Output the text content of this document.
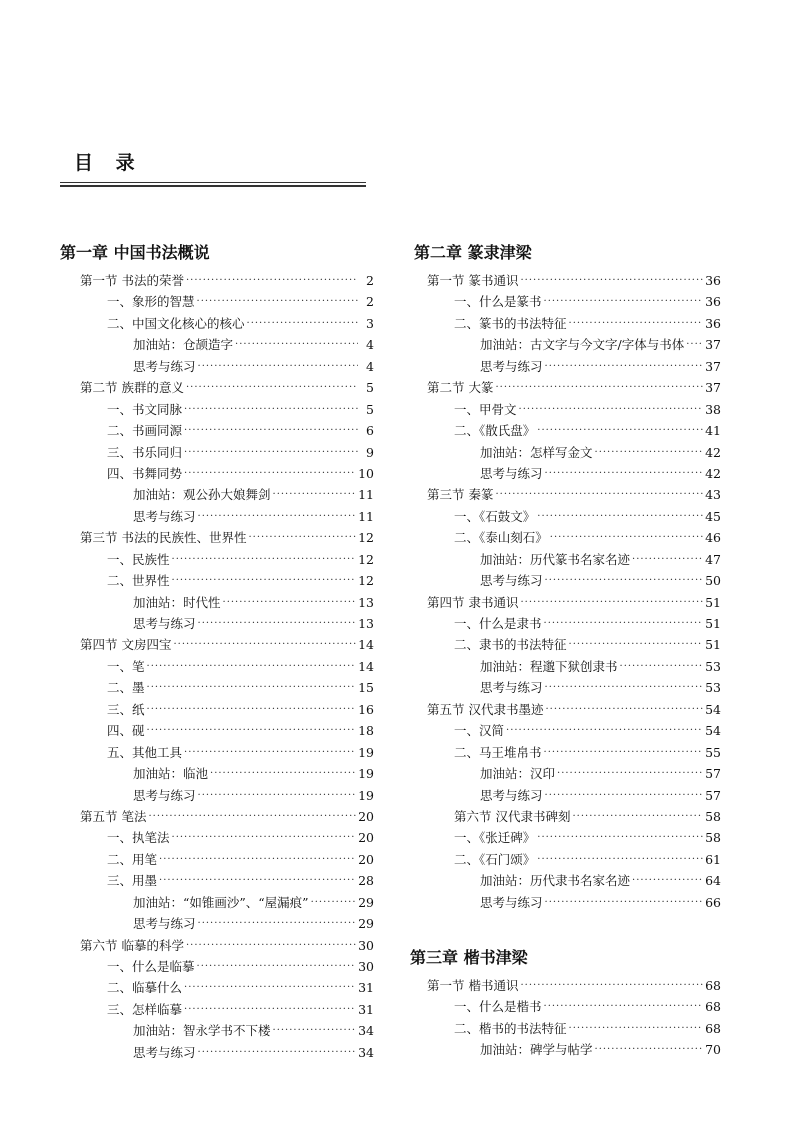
目 录
第一章 中国书法概说
第一节 书法的荣誉 ·····	2
一、象形的智慧 ·····	2
二、中国文化核心的核心 ·····	3
加油站：仓颉造字 ·····	4
思考与练习 ·····	4
第二节 族群的意义 ·····	5
一、书文同脉 ·····	5
二、书画同源 ·····	6
三、书乐同归 ·····	9
四、书舞同势 ·····	10
加油站：观公孙大娘舞剑 ·····	11
思考与练习 ·····	11
第三节 书法的民族性、世界性 ·····	12
一、民族性 ·····	12
二、世界性 ·····	12
加油站：时代性 ·····	13
思考与练习 ·····	13
第四节 文房四宝 ·····	14
一、笔 ·····	14
二、墨 ·····	15
三、纸 ·····	16
四、砚 ·····	18
五、其他工具 ·····	19
加油站：临池 ·····	19
思考与练习 ·····	19
第五节 笔法 ·····	20
一、执笔法 ·····	20
二、用笔 ·····	20
三、用墨 ·····	28
加油站：“如锥画沙”、“屋漏痕” ·····	29
思考与练习 ·····	29
第六节 临摹的科学 ·····	30
一、什么是临摹 ·····	30
二、临摹什么 ·····	31
三、怎样临摹 ·····	31
加油站：智永学书不下楼 ·····	34
思考与练习 ·····	34
第二章 篆隶津梁
第一节 篆书通识 ·····	36
一、什么是篆书 ·····	36
二、篆书的书法特征 ·····	36
加油站：古文字与今文字/字体与书体 ····· 37
思考与练习 ·····	37
第二节 大篆 ·····	37
一、甲骨文 ·····	38
二、《散氏盘》 ·····	41
加油站：怎样写金文 ·····	42
思考与练习 ·····	42
第三节 秦篆 ·····	43
一、《石鼓文》 ·····	45
二、《泰山刻石》 ·····	46
加油站：历代篆书名家名迹 ·····	47
思考与练习 ·····	50
第四节 隶书通识 ·····	51
一、什么是隶书 ·····	51
二、隶书的书法特征 ·····	51
加油站：程邈下狱创隶书 ·····	53
思考与练习 ·····	53
第五节 汉代隶书墨迹 ·····	54
一、汉简 ·····	54
二、马王堆帛书 ·····	55
加油站：汉印 ·····	57
思考与练习 ·····	57
第六节 汉代隶书碑刻 ·····	58
一、《张迁碑》 ·····	58
二、《石门颂》 ·····	61
加油站：历代隶书名家名迹 ·····	64
思考与练习 ·····	66
第三章 楷书津梁
第一节 楷书通识 ·····	68
一、什么是楷书 ·····	68
二、楷书的书法特征 ·····	68
加油站：碑学与帖学 ·····	70
